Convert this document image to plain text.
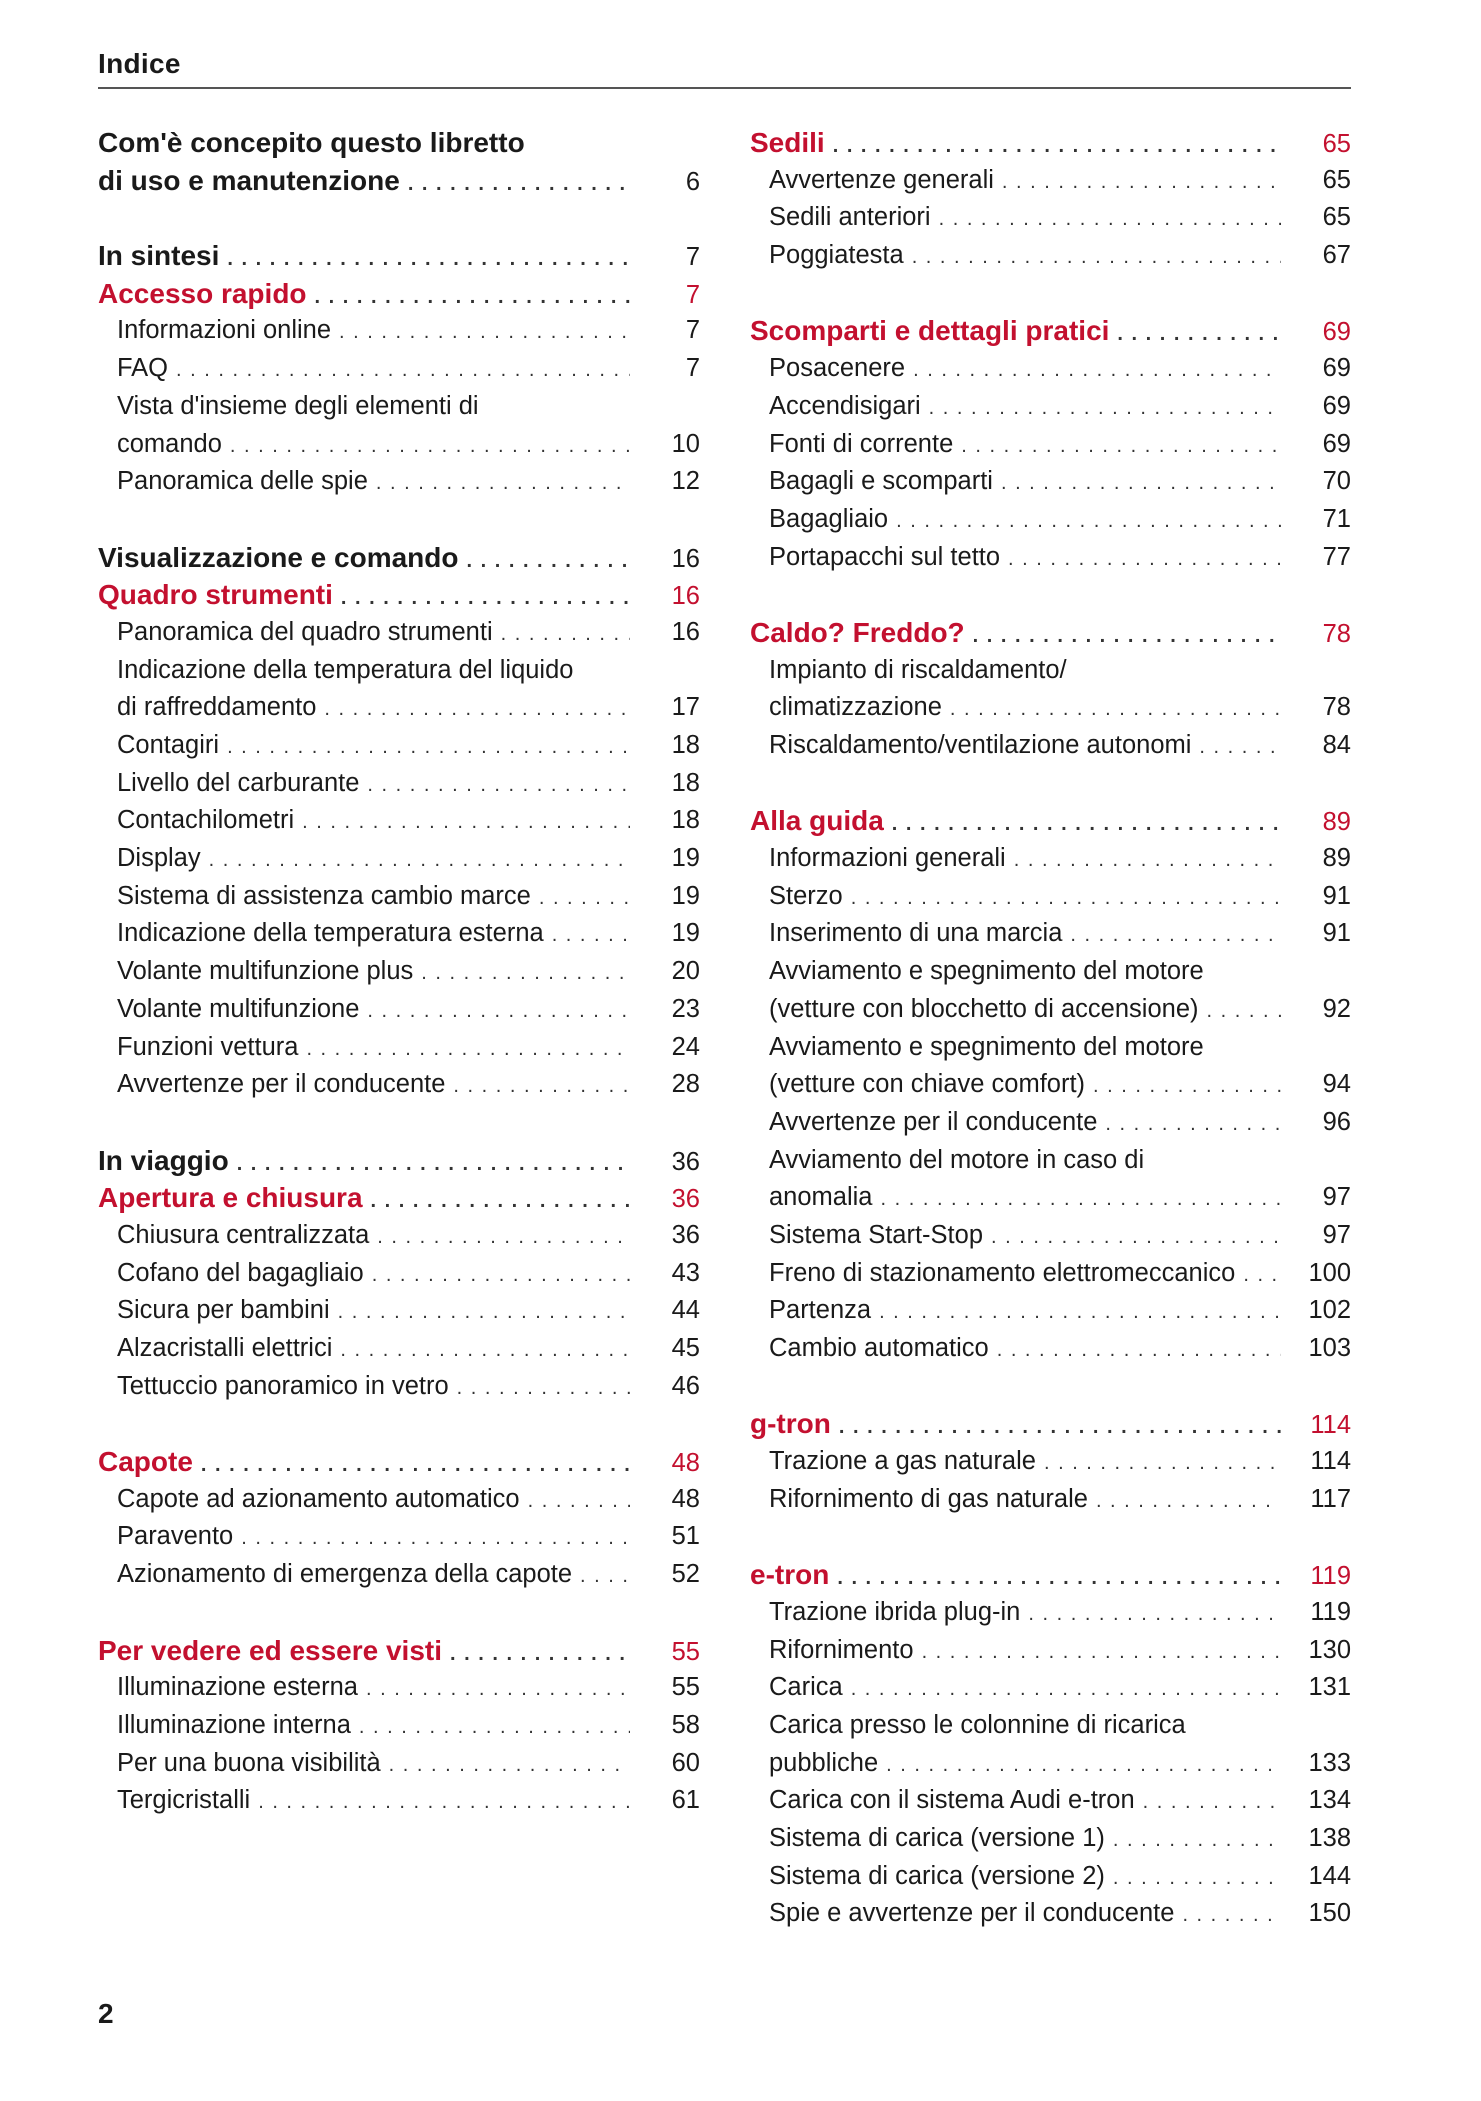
Indice
Com'è concepito questo libretto
di uso e manutenzione . . .	6
In sintesi . . .	7
Accesso rapido . . .	7
Informazioni online . . .	7
FAQ . . .	7
Vista d'insieme degli elementi di
comando . . .	10
Panoramica delle spie . . .	12
Visualizzazione e comando . . .	16
Quadro strumenti . . .	16
Panoramica del quadro strumenti . . .	16
Indicazione della temperatura del liquido
di raffreddamento . . .	17
Contagiri . . .	18
Livello del carburante . . .	18
Contachilometri . . .	18
Display . . .	19
Sistema di assistenza cambio marce . . .	19
Indicazione della temperatura esterna . . .	19
Volante multifunzione plus . . .	20
Volante multifunzione . . .	23
Funzioni vettura . . .	24
Avvertenze per il conducente . . .	28
In viaggio . . .	36
Apertura e chiusura . . .	36
Chiusura centralizzata . . .	36
Cofano del bagagliaio . . .	43
Sicura per bambini . . .	44
Alzacristalli elettrici . . .	45
Tettuccio panoramico in vetro . . .	46
Capote . . .	48
Capote ad azionamento automatico . . .	48
Paravento . . .	51
Azionamento di emergenza della capote . . .	52
Per vedere ed essere visti . . .	55
Illuminazione esterna . . .	55
Illuminazione interna . . .	58
Per una buona visibilità . . .	60
Tergicristalli . . .	61
Sedili . . .	65
Avvertenze generali . . .	65
Sedili anteriori . . .	65
Poggiatesta . . .	67
Scomparti e dettagli pratici . . .	69
Posacenere . . .	69
Accendisigari . . .	69
Fonti di corrente . . .	69
Bagagli e scomparti . . .	70
Bagagliaio . . .	71
Portapacchi sul tetto . . .	77
Caldo? Freddo? . . .	78
Impianto di riscaldamento/
climatizzazione . . .	78
Riscaldamento/ventilazione autonomi . . .	84
Alla guida . . .	89
Informazioni generali . . .	89
Sterzo . . .	91
Inserimento di una marcia . . .	91
Avviamento e spegnimento del motore
(vetture con blocchetto di accensione) . . .	92
Avviamento e spegnimento del motore
(vetture con chiave comfort) . . .	94
Avvertenze per il conducente . . .	96
Avviamento del motore in caso di
anomalia . . .	97
Sistema Start-Stop . . .	97
Freno di stazionamento elettromeccanico . . .	100
Partenza . . .	102
Cambio automatico . . .	103
g-tron . . .	114
Trazione a gas naturale . . .	114
Rifornimento di gas naturale . . .	117
e-tron . . .	119
Trazione ibrida plug-in . . .	119
Rifornimento . . .	130
Carica . . .	131
Carica presso le colonnine di ricarica
pubbliche . . .	133
Carica con il sistema Audi e-tron . . .	134
Sistema di carica (versione 1) . . .	138
Sistema di carica (versione 2) . . .	144
Spie e avvertenze per il conducente . . .	150
2
